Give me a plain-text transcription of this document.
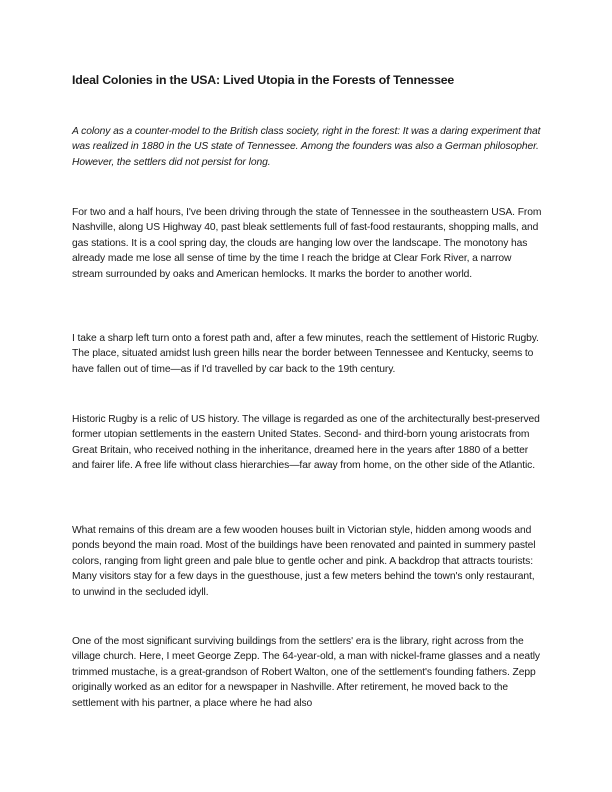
Ideal Colonies in the USA: Lived Utopia in the Forests of Tennessee

A colony as a counter-model to the British class society, right in the forest: It was a daring experiment that was realized in 1880 in the US state of Tennessee. Among the founders was also a German philosopher. However, the settlers did not persist for long.

For two and a half hours, I've been driving through the state of Tennessee in the southeastern USA. From Nashville, along US Highway 40, past bleak settlements full of fast-food restaurants, shopping malls, and gas stations. It is a cool spring day, the clouds are hanging low over the landscape. The monotony has already made me lose all sense of time by the time I reach the bridge at Clear Fork River, a narrow stream surrounded by oaks and American hemlocks. It marks the border to another world.

I take a sharp left turn onto a forest path and, after a few minutes, reach the settlement of Historic Rugby. The place, situated amidst lush green hills near the border between Tennessee and Kentucky, seems to have fallen out of time—as if I'd travelled by car back to the 19th century.

Historic Rugby is a relic of US history. The village is regarded as one of the architecturally best-preserved former utopian settlements in the eastern United States. Second- and third-born young aristocrats from Great Britain, who received nothing in the inheritance, dreamed here in the years after 1880 of a better and fairer life. A free life without class hierarchies—far away from home, on the other side of the Atlantic.

What remains of this dream are a few wooden houses built in Victorian style, hidden among woods and ponds beyond the main road. Most of the buildings have been renovated and painted in summery pastel colors, ranging from light green and pale blue to gentle ocher and pink. A backdrop that attracts tourists: Many visitors stay for a few days in the guesthouse, just a few meters behind the town's only restaurant, to unwind in the secluded idyll.

One of the most significant surviving buildings from the settlers' era is the library, right across from the village church. Here, I meet George Zepp. The 64-year-old, a man with nickel-frame glasses and a neatly trimmed mustache, is a great-grandson of Robert Walton, one of the settlement's founding fathers. Zepp originally worked as an editor for a newspaper in Nashville. After retirement, he moved back to the settlement with his partner, a place where he had also
